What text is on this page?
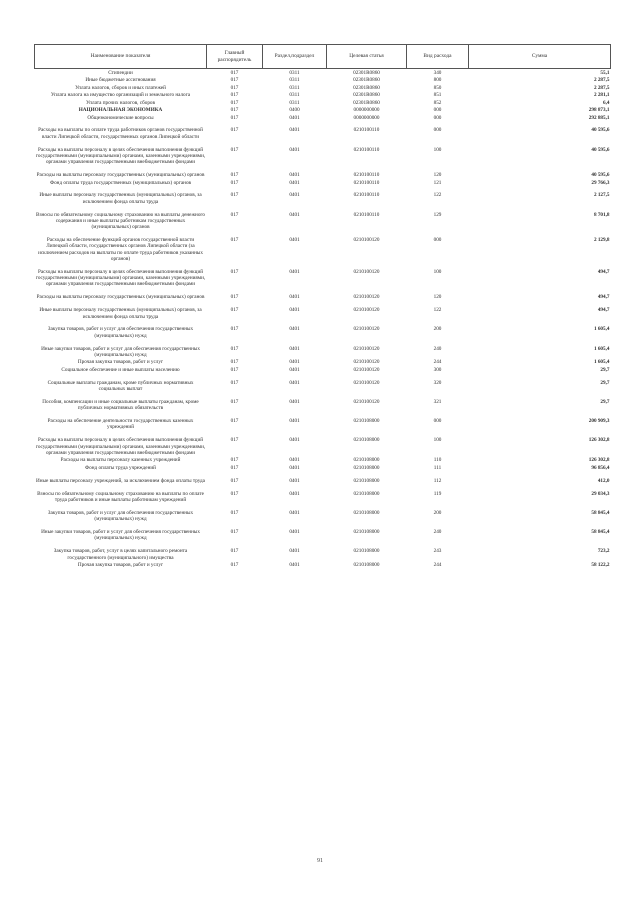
Наименование показателя	Главный распорядитель	Раздел,подраздел	Целевая статья	Вид расхода	Сумма
Стипендии	017	0311	02301R0860	340	55,1
Иные бюджетные ассигнования	017	0311	02301R0860	800	2 287,5
Уплата налогов, сборов и иных платежей	017	0311	02301R0860	850	2 287,5
Уплата налога на имущество организаций и земельного налога	017	0311	02301R0860	851	2 281,1
Уплата прочих налогов, сборов	017	0311	02301R0860	852	6,4
НАЦИОНАЛЬНАЯ ЭКОНОМИКА	017	0400	0000000000	000	298 873,1
Общеэкономические вопросы	017	0401	0000000000	000	292 885,1
Расходы на выплаты по оплате труда работников органов государственной власти Липецкой области, государственных органов Липецкой области	017	0401	0210100110	000	40 595,6
Расходы на выплаты персоналу в целях обеспечения выполнения функций государственными (муниципальными) органами, казенными учреждениями, органами управления государственными внебюджетными фондами	017	0401	0210100110	100	40 595,6
Расходы на выплаты персоналу государственных (муниципальных) органов	017	0401	0210100110	120	40 595,6
Фонд оплаты труда государственных (муниципальных) органов	017	0401	0210100110	121	29 766,3
Иные выплаты персоналу государственных (муниципальных) органов, за исключением фонда оплаты труда	017	0401	0210100110	122	2 127,5
Взносы по обязательному социальному страхованию на выплаты денежного содержания и иные выплаты работникам государственных (муниципальных) органов	017	0401	0210100110	129	8 701,8
Расходы на обеспечение функций органов государственной власти Липецкой области, государственных органов Липецкой области (за исключением расходов на выплаты по оплате труда работников указанных органов)	017	0401	0210100120	000	2 129,8
Расходы на выплаты персоналу в целях обеспечения выполнения функций государственными (муниципальными) органами, казенными учреждениями, органами управления государственными внебюджетными фондами	017	0401	0210100120	100	494,7
Расходы на выплаты персоналу государственных (муниципальных) органов	017	0401	0210100120	120	494,7
Иные выплаты персоналу государственных (муниципальных) органов, за исключением фонда оплаты труда	017	0401	0210100120	122	494,7
Закупка товаров, работ и услуг для обеспечения государственных (муниципальных) нужд	017	0401	0210100120	200	1 605,4
Иные закупки товаров, работ и услуг для обеспечения государственных (муниципальных) нужд	017	0401	0210100120	240	1 605,4
Прочая закупка товаров, работ и услуг	017	0401	0210100120	244	1 605,4
Социальное обеспечение и иные выплаты населению	017	0401	0210100120	300	29,7
Социальные выплаты гражданам, кроме публичных нормативных социальных выплат	017	0401	0210100120	320	29,7
Пособия, компенсации и иные социальные выплаты гражданам, кроме публичных нормативных обязательств	017	0401	0210100120	321	29,7
Расходы на обеспечение деятельности государственных казенных учреждений	017	0401	0210108000	000	200 909,3
Расходы на выплаты персоналу в целях обеспечения выполнения функций государственными (муниципальными) органами, казенными учреждениями, органами управления государственными внебюджетными фондами	017	0401	0210108000	100	126 302,8
Расходы на выплаты персоналу казенных учреждений	017	0401	0210108000	110	126 302,8
Фонд оплаты труда учреждений	017	0401	0210108000	111	96 856,4
Иные выплаты персоналу учреждений, за исключением фонда оплаты труда	017	0401	0210108000	112	412,0
Взносы по обязательному социальному страхованию на выплаты по оплате труда работников и иные выплаты работникам учреждений	017	0401	0210108000	119	29 034,3
Закупка товаров, работ и услуг для обеспечения государственных (муниципальных) нужд	017	0401	0210108000	200	58 845,4
Иные закупки товаров, работ и услуг для обеспечения государственных (муниципальных) нужд	017	0401	0210108000	240	58 845,4
Закупка товаров, работ, услуг в целях капитального ремонта государственного (муниципального) имущества	017	0401	0210108000	243	723,2
Прочая закупка товаров, работ и услуг	017	0401	0210108000	244	58 122,2
91
